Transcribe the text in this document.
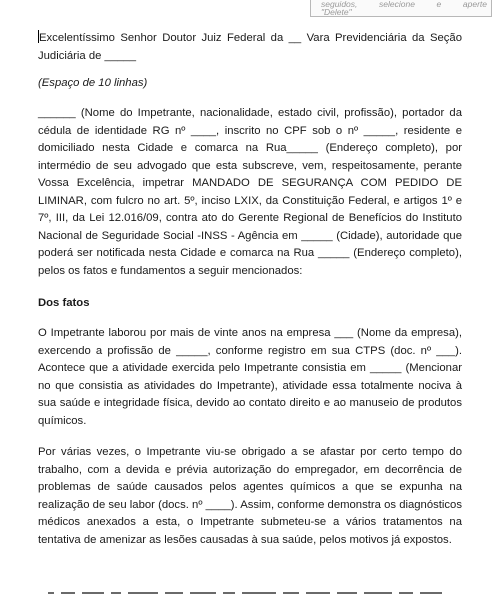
seguidos, selecione e aperte
"Delete"

Excelentíssimo Senhor Doutor Juiz Federal da __ Vara Previdenciária da Seção Judiciária de _____

(Espaço de 10 linhas)

______ (Nome do Impetrante, nacionalidade, estado civil, profissão), portador da cédula de identidade RG nº ____, inscrito no CPF sob o nº _____, residente e domiciliado nesta Cidade e comarca na Rua_____ (Endereço completo), por intermédio de seu advogado que esta subscreve, vem, respeitosamente, perante Vossa Excelência, impetrar MANDADO DE SEGURANÇA COM PEDIDO DE LIMINAR, com fulcro no art. 5º, inciso LXIX, da Constituição Federal, e artigos 1º e 7º, III, da Lei 12.016/09, contra ato do Gerente Regional de Benefícios do Instituto Nacional de Seguridade Social -INSS - Agência em _____ (Cidade), autoridade que poderá ser notificada nesta Cidade e comarca na Rua _____ (Endereço completo), pelos os fatos e fundamentos a seguir mencionados:

Dos fatos

O Impetrante laborou por mais de vinte anos na empresa ___ (Nome da empresa), exercendo a profissão de _____, conforme registro em sua CTPS (doc. nº ___). Acontece que a atividade exercida pelo Impetrante consistia em _____ (Mencionar no que consistia as atividades do Impetrante), atividade essa totalmente nociva à sua saúde e integridade física, devido ao contato direito e ao manuseio de produtos químicos.

Por várias vezes, o Impetrante viu-se obrigado a se afastar por certo tempo do trabalho, com a devida e prévia autorização do empregador, em decorrência de problemas de saúde causados pelos agentes químicos a que se expunha na realização de seu labor (docs. nº ____). Assim, conforme demonstra os diagnósticos médicos anexados a esta, o Impetrante submeteu-se a vários tratamentos na tentativa de amenizar as lesões causadas à sua saúde, pelos motivos já expostos.
